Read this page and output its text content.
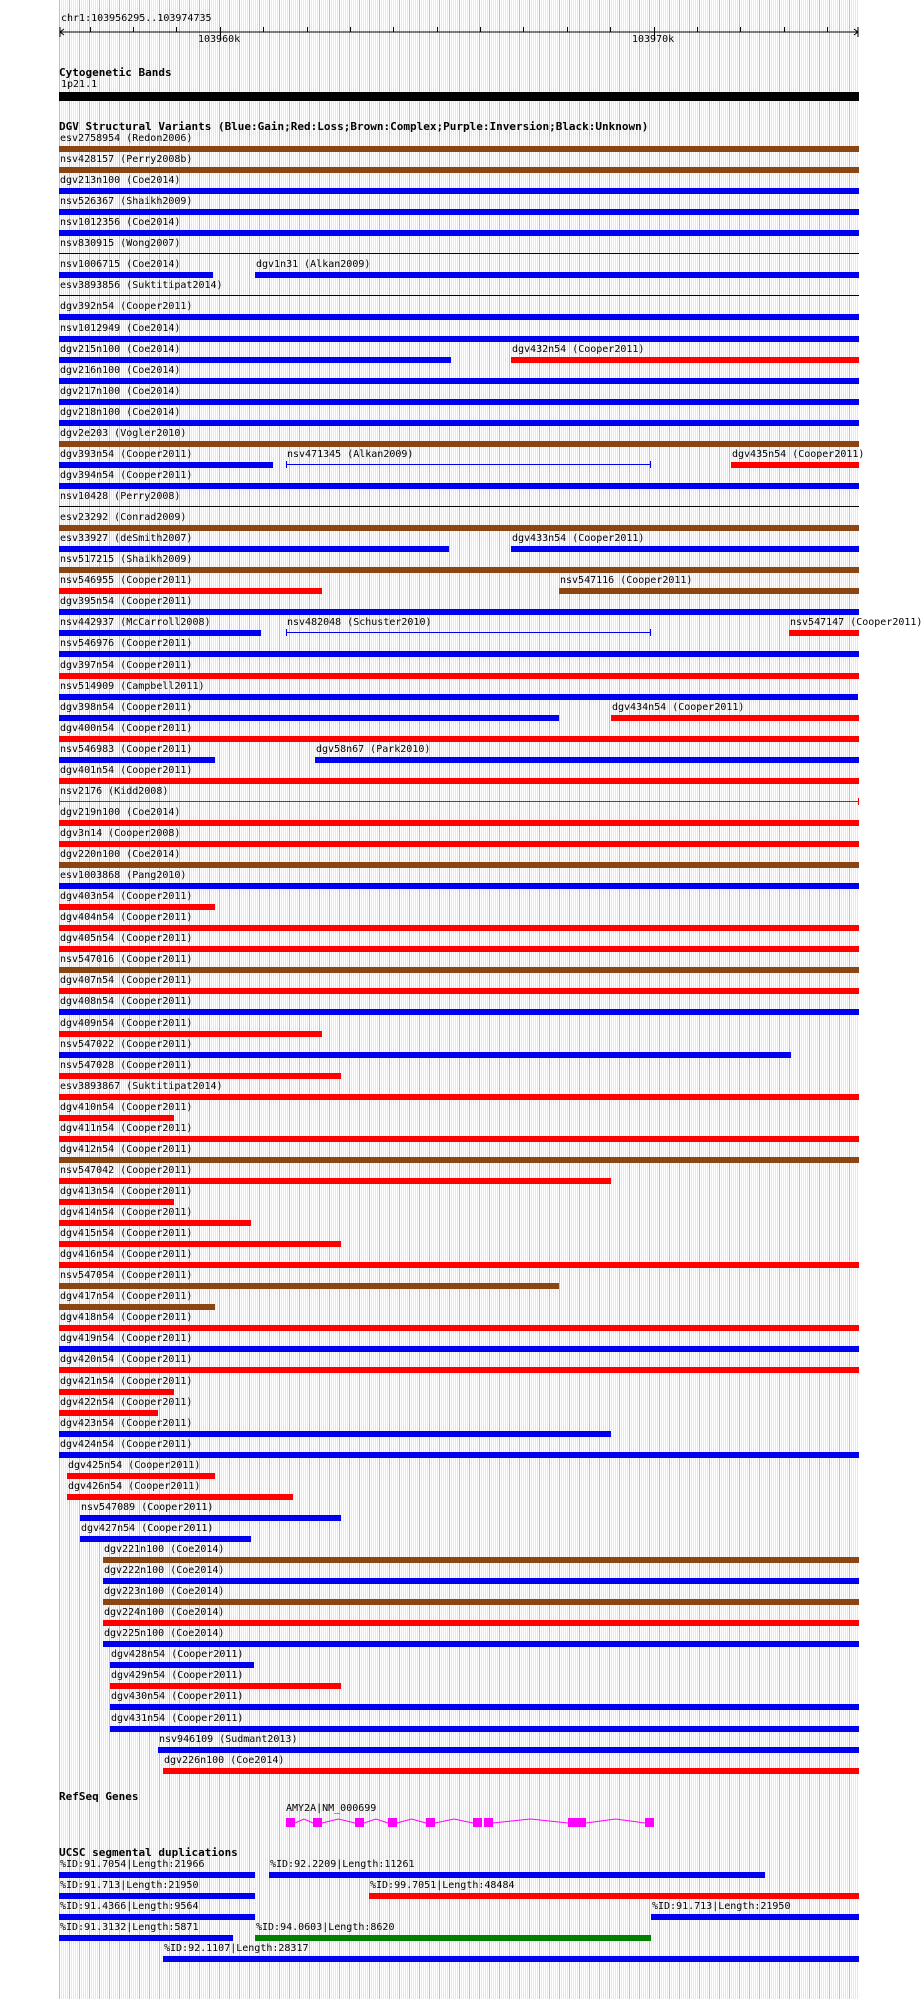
chr1:103956295..103974735
103960k	103970k
Cytogenetic Bands
1p21.1
DGV Structural Variants (Blue:Gain;Red:Loss;Brown:Complex;Purple:Inversion;Black:Unknown)
esv2758954 (Redon2006)
nsv428157 (Perry2008b)
dgv213n100 (Coe2014)
nsv526367 (Shaikh2009)
nsv1012356 (Coe2014)
nsv830915 (Wong2007)
nsv1006715 (Coe2014)	dgv1n31 (Alkan2009)
esv3893856 (Suktitipat2014)
dgv392n54 (Cooper2011)
nsv1012949 (Coe2014)
dgv215n100 (Coe2014)	dgv432n54 (Cooper2011)
dgv216n100 (Coe2014)
dgv217n100 (Coe2014)
dgv218n100 (Coe2014)
dgv2e203 (Vogler2010)
dgv393n54 (Cooper2011)	nsv471345 (Alkan2009)	dgv435n54 (Cooper2011)
dgv394n54 (Cooper2011)
nsv10428 (Perry2008)
esv23292 (Conrad2009)
esv33927 (deSmith2007)	dgv433n54 (Cooper2011)
nsv517215 (Shaikh2009)
nsv546955 (Cooper2011)	nsv547116 (Cooper2011)
dgv395n54 (Cooper2011)
nsv442937 (McCarroll2008)	nsv482048 (Schuster2010)	nsv547147 (Cooper2011)
nsv546976 (Cooper2011)
dgv397n54 (Cooper2011)
nsv514909 (Campbell2011)
dgv398n54 (Cooper2011)	dgv434n54 (Cooper2011)
dgv400n54 (Cooper2011)
nsv546983 (Cooper2011)	dgv58n67 (Park2010)
dgv401n54 (Cooper2011)
nsv2176 (Kidd2008)
dgv219n100 (Coe2014)
dgv3n14 (Cooper2008)
dgv220n100 (Coe2014)
esv1003868 (Pang2010)
dgv403n54 (Cooper2011)
dgv404n54 (Cooper2011)
dgv405n54 (Cooper2011)
nsv547016 (Cooper2011)
dgv407n54 (Cooper2011)
dgv408n54 (Cooper2011)
dgv409n54 (Cooper2011)
nsv547022 (Cooper2011)
nsv547028 (Cooper2011)
esv3893867 (Suktitipat2014)
dgv410n54 (Cooper2011)
dgv411n54 (Cooper2011)
dgv412n54 (Cooper2011)
nsv547042 (Cooper2011)
dgv413n54 (Cooper2011)
dgv414n54 (Cooper2011)
dgv415n54 (Cooper2011)
dgv416n54 (Cooper2011)
nsv547054 (Cooper2011)
dgv417n54 (Cooper2011)
dgv418n54 (Cooper2011)
dgv419n54 (Cooper2011)
dgv420n54 (Cooper2011)
dgv421n54 (Cooper2011)
dgv422n54 (Cooper2011)
dgv423n54 (Cooper2011)
dgv424n54 (Cooper2011)
dgv425n54 (Cooper2011)
dgv426n54 (Cooper2011)
nsv547089 (Cooper2011)
dgv427n54 (Cooper2011)
dgv221n100 (Coe2014)
dgv222n100 (Coe2014)
dgv223n100 (Coe2014)
dgv224n100 (Coe2014)
dgv225n100 (Coe2014)
dgv428n54 (Cooper2011)
dgv429n54 (Cooper2011)
dgv430n54 (Cooper2011)
dgv431n54 (Cooper2011)
nsv946109 (Sudmant2013)
dgv226n100 (Coe2014)
RefSeq Genes
AMY2A|NM_000699
UCSC segmental duplications
%ID:91.7054|Length:21966	%ID:92.2209|Length:11261
%ID:91.713|Length:21950	%ID:99.7051|Length:48484
%ID:91.4366|Length:9564	%ID:91.713|Length:21950
%ID:91.3132|Length:5871	%ID:94.0603|Length:8620
%ID:92.1107|Length:28317
